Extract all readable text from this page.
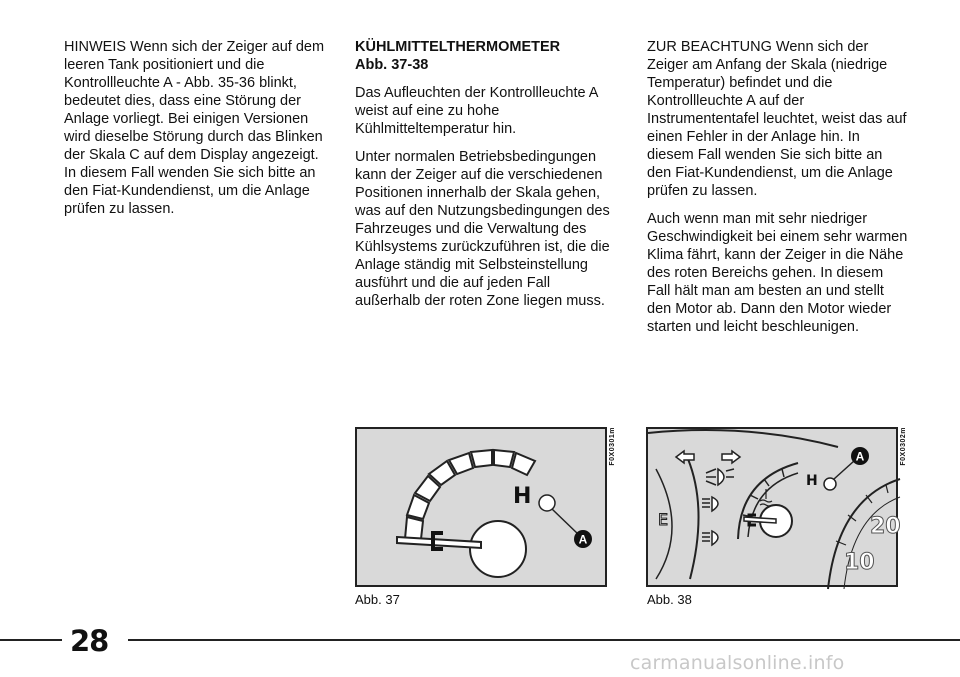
HINWEIS Wenn sich der Zeiger auf dem leeren Tank positioniert und die Kontrollleuchte A - Abb. 35-36 blinkt, bedeutet dies, dass eine Störung der Anlage vorliegt. Bei einigen Versionen wird dieselbe Störung durch das Blinken der Skala C auf dem Display angezeigt. In diesem Fall wenden Sie sich bitte an den Fiat-Kundendienst, um die Anlage prüfen zu lassen.

KÜHLMITTELTHERMOMETER
Abb. 37-38

Das Aufleuchten der Kontrollleuchte A weist auf eine zu hohe Kühlmitteltemperatur hin.

Unter normalen Betriebsbedingungen kann der Zeiger auf die verschiedenen Positionen innerhalb der Skala gehen, was auf den Nutzungsbedingungen des Fahrzeuges und die Verwaltung des Kühlsystems zurückzuführen ist, die die Anlage ständig mit Selbsteinstellung ausführt und die auf jeden Fall außerhalb der roten Zone liegen muss.

ZUR BEACHTUNG Wenn sich der Zeiger am Anfang der Skala (niedrige Temperatur) befindet und die Kontrollleuchte A auf der Instrumententafel leuchtet, weist das auf einen Fehler in der Anlage hin. In diesem Fall wenden Sie sich bitte an den Fiat-Kundendienst, um die Anlage prüfen zu lassen.

Auch wenn man mit sehr niedriger Geschwindigkeit bei einem sehr warmen Klima fährt, kann der Zeiger in die Nähe des roten Bereichs gehen. In diesem Fall hält man am besten an und stellt den Motor ab. Dann den Motor wieder starten und leicht beschleunigen.

A
H
F0X0301m
Abb. 37
E
H
A
20
10
F0X0302m
Abb. 38
28
carmanualsonline.info
